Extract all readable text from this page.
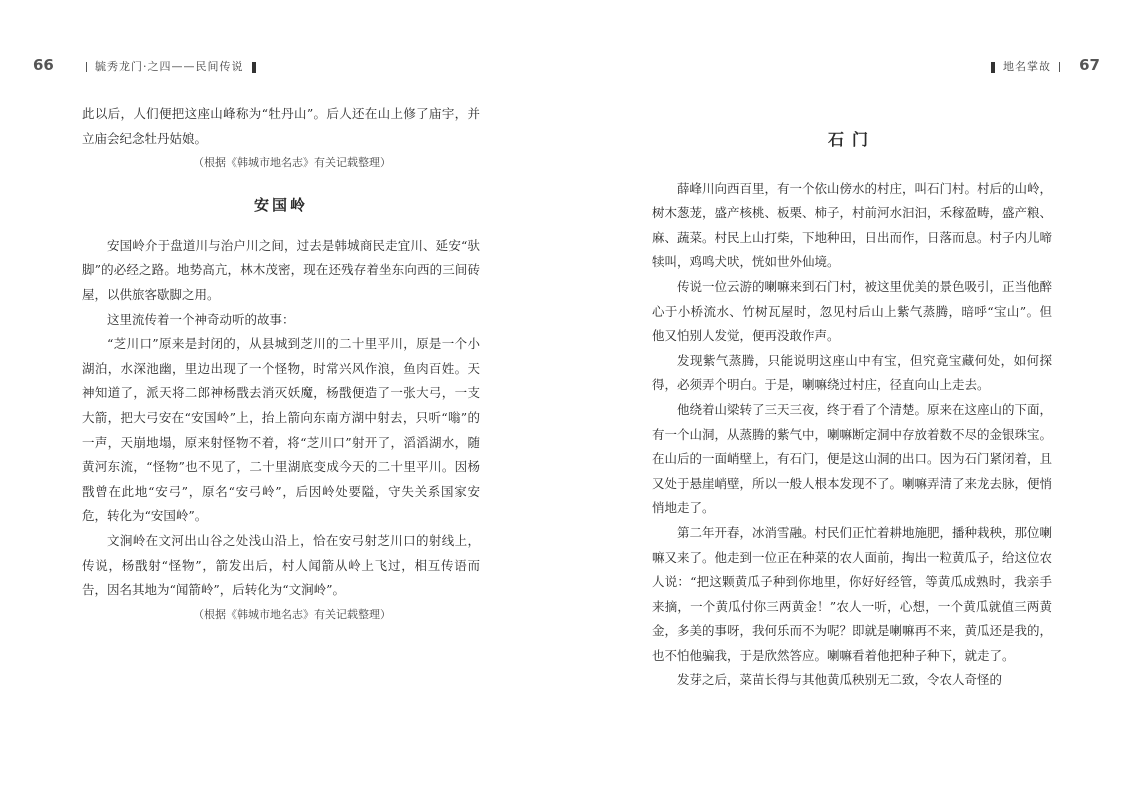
66	毓秀龙门·之四——民间传说

此以后，人们便把这座山峰称为“牡丹山”。后人还在山上修了庙宇，并立庙会纪念牡丹姑娘。

（根据《韩城市地名志》有关记载整理）

安国岭

安国岭介于盘道川与治户川之间，过去是韩城商民走宜川、延安“驮脚”的必经之路。地势高亢，林木茂密，现在还残存着坐东向西的三间砖屋，以供旅客歇脚之用。

这里流传着一个神奇动听的故事：

“芝川口”原来是封闭的，从县城到芝川的二十里平川，原是一个小湖泊，水深池幽，里边出现了一个怪物，时常兴风作浪，鱼肉百姓。天神知道了，派天将二郎神杨戬去消灭妖魔，杨戬便造了一张大弓，一支大箭，把大弓安在“安国岭”上，抬上箭向东南方湖中射去，只听“嗡”的一声，天崩地塌，原来射怪物不着，将“芝川口”射开了，滔滔湖水，随黄河东流，“怪物”也不见了，二十里湖底变成今天的二十里平川。因杨戬曾在此地“安弓”，原名“安弓岭”，后因岭处要隘，守失关系国家安危，转化为“安国岭”。

文涧岭在文河出山谷之处浅山沿上，恰在安弓射芝川口的射线上，传说，杨戬射“怪物”，箭发出后，村人闻箭从岭上飞过，相互传语而告，因名其地为“闻箭岭”，后转化为“文涧岭”。

（根据《韩城市地名志》有关记载整理）

地名掌故	67
石门

薛峰川向西百里，有一个依山傍水的村庄，叫石门村。村后的山岭，树木葱茏，盛产核桃、板栗、柿子，村前河水汩汩，禾稼盈畴，盛产粮、麻、蔬菜。村民上山打柴，下地种田，日出而作，日落而息。村子内儿啼犊叫，鸡鸣犬吠，恍如世外仙境。

传说一位云游的喇嘛来到石门村，被这里优美的景色吸引，正当他醉心于小桥流水、竹树瓦屋时，忽见村后山上紫气蒸腾，暗呼“宝山”。但他又怕别人发觉，便再没敢作声。

发现紫气蒸腾，只能说明这座山中有宝，但究竟宝藏何处，如何探得，必须弄个明白。于是，喇嘛绕过村庄，径直向山上走去。

他绕着山梁转了三天三夜，终于看了个清楚。原来在这座山的下面，有一个山洞，从蒸腾的紫气中，喇嘛断定洞中存放着数不尽的金银珠宝。在山后的一面峭壁上，有石门，便是这山洞的出口。因为石门紧闭着，且又处于悬崖峭壁，所以一般人根本发现不了。喇嘛弄清了来龙去脉，便悄悄地走了。

第二年开春，冰消雪融。村民们正忙着耕地施肥，播种栽秧，那位喇嘛又来了。他走到一位正在种菜的农人面前，掏出一粒黄瓜子，给这位农人说：“把这颗黄瓜子种到你地里，你好好经管，等黄瓜成熟时，我亲手来摘，一个黄瓜付你三两黄金！”农人一听，心想，一个黄瓜就值三两黄金，多美的事呀，我何乐而不为呢？即就是喇嘛再不来，黄瓜还是我的，也不怕他骗我，于是欣然答应。喇嘛看着他把种子种下，就走了。

发芽之后，菜苗长得与其他黄瓜秧别无二致，令农人奇怪的
